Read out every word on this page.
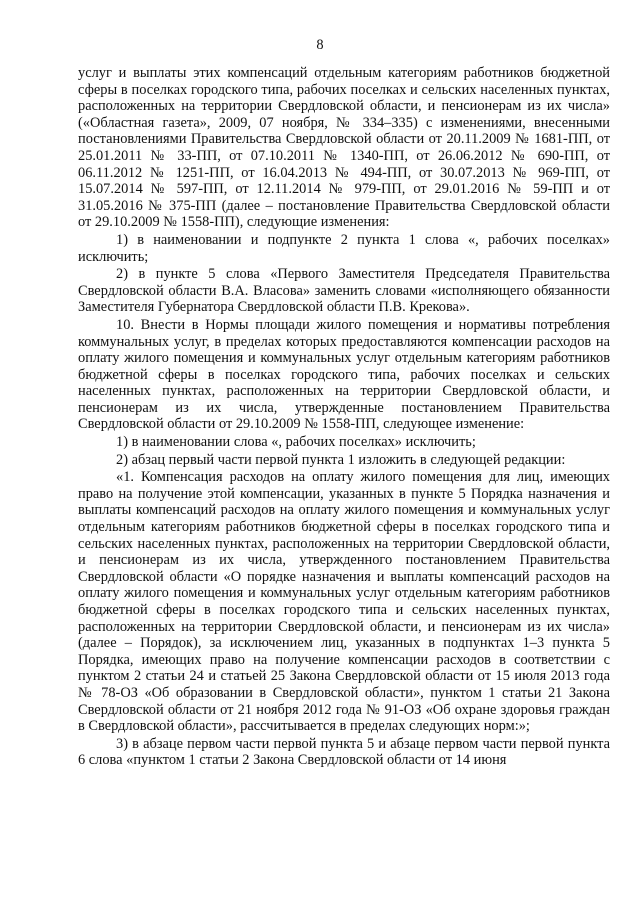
8

услуг и выплаты этих компенсаций отдельным категориям работников бюджетной сферы в поселках городского типа, рабочих поселках и сельских населенных пунктах, расположенных на территории Свердловской области, и пенсионерам из их числа» («Областная газета», 2009, 07 ноября, № 334–335) с изменениями, внесенными постановлениями Правительства Свердловской области от 20.11.2009 № 1681-ПП, от 25.01.2011 № 33-ПП, от 07.10.2011 № 1340-ПП, от 26.06.2012 № 690-ПП, от 06.11.2012 № 1251-ПП, от 16.04.2013 № 494-ПП, от 30.07.2013 № 969-ПП, от 15.07.2014 № 597-ПП, от 12.11.2014 № 979-ПП, от 29.01.2016 № 59-ПП и от 31.05.2016 № 375-ПП (далее – постановление Правительства Свердловской области от 29.10.2009 № 1558-ПП), следующие изменения:

1) в наименовании и подпункте 2 пункта 1 слова «, рабочих поселках» исключить;

2) в пункте 5 слова «Первого Заместителя Председателя Правительства Свердловской области В.А. Власова» заменить словами «исполняющего обязанности Заместителя Губернатора Свердловской области П.В. Крекова».

10. Внести в Нормы площади жилого помещения и нормативы потребления коммунальных услуг, в пределах которых предоставляются компенсации расходов на оплату жилого помещения и коммунальных услуг отдельным категориям работников бюджетной сферы в поселках городского типа, рабочих поселках и сельских населенных пунктах, расположенных на территории Свердловской области, и пенсионерам из их числа, утвержденные постановлением Правительства Свердловской области от 29.10.2009 № 1558-ПП, следующее изменение:

1) в наименовании слова «, рабочих поселках» исключить;

2) абзац первый части первой пункта 1 изложить в следующей редакции:

«1. Компенсация расходов на оплату жилого помещения для лиц, имеющих право на получение этой компенсации, указанных в пункте 5 Порядка назначения и выплаты компенсаций расходов на оплату жилого помещения и коммунальных услуг отдельным категориям работников бюджетной сферы в поселках городского типа и сельских населенных пунктах, расположенных на территории Свердловской области, и пенсионерам из их числа, утвержденного постановлением Правительства Свердловской области «О порядке назначения и выплаты компенсаций расходов на оплату жилого помещения и коммунальных услуг отдельным категориям работников бюджетной сферы в поселках городского типа и сельских населенных пунктах, расположенных на территории Свердловской области, и пенсионерам из их числа» (далее – Порядок), за исключением лиц, указанных в подпунктах 1–3 пункта 5 Порядка, имеющих право на получение компенсации расходов в соответствии с пунктом 2 статьи 24 и статьей 25 Закона Свердловской области от 15 июля 2013 года № 78-ОЗ «Об образовании в Свердловской области», пунктом 1 статьи 21 Закона Свердловской области от 21 ноября 2012 года № 91-ОЗ «Об охране здоровья граждан в Свердловской области», рассчитывается в пределах следующих норм:»;

3) в абзаце первом части первой пункта 5 и абзаце первом части первой пункта 6 слова «пунктом 1 статьи 2 Закона Свердловской области от 14 июня
